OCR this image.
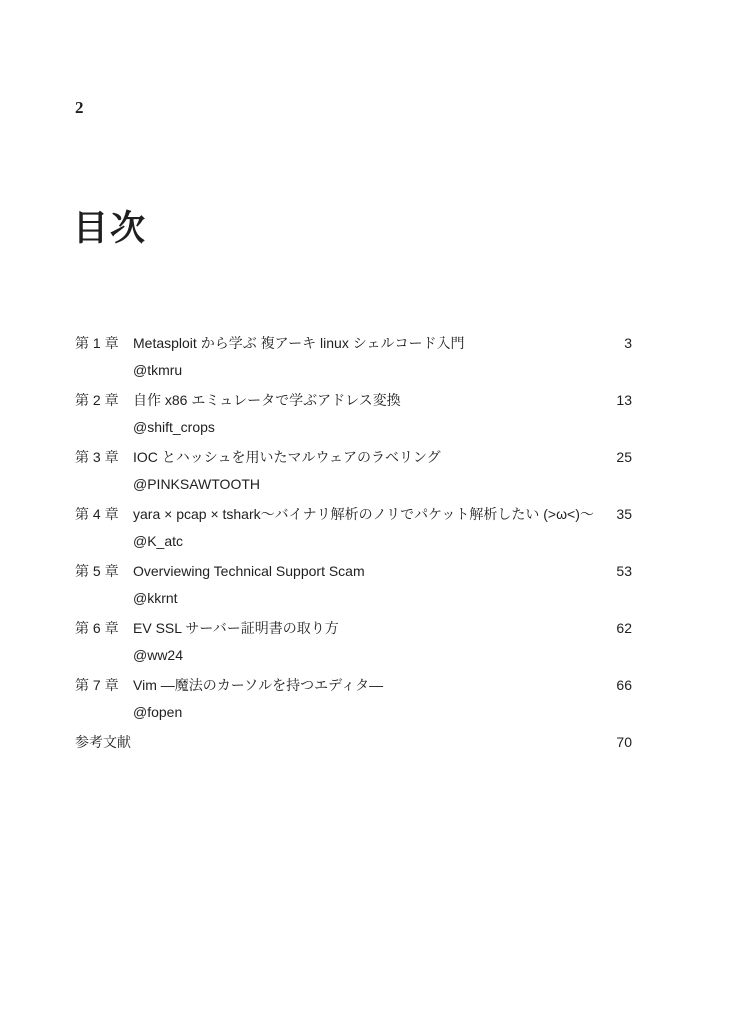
2
目次
第 1 章	Metasploit から学ぶ 複アーキ linux シェルコード入門	3
@tkmru
第 2 章	自作 x86 エミュレータで学ぶアドレス変換	13
@shift_crops
第 3 章	IOC とハッシュを用いたマルウェアのラベリング	25
@PINKSAWTOOTH
第 4 章	yara × pcap × tshark〜バイナリ解析のノリでパケット解析したい (>ω<)〜	35
@K_atc
第 5 章	Overviewing Technical Support Scam	53
@kkrnt
第 6 章	EV SSL サーバー証明書の取り方	62
@ww24
第 7 章	Vim —魔法のカーソルを持つエディタ—	66
@fopen
参考文献	70
